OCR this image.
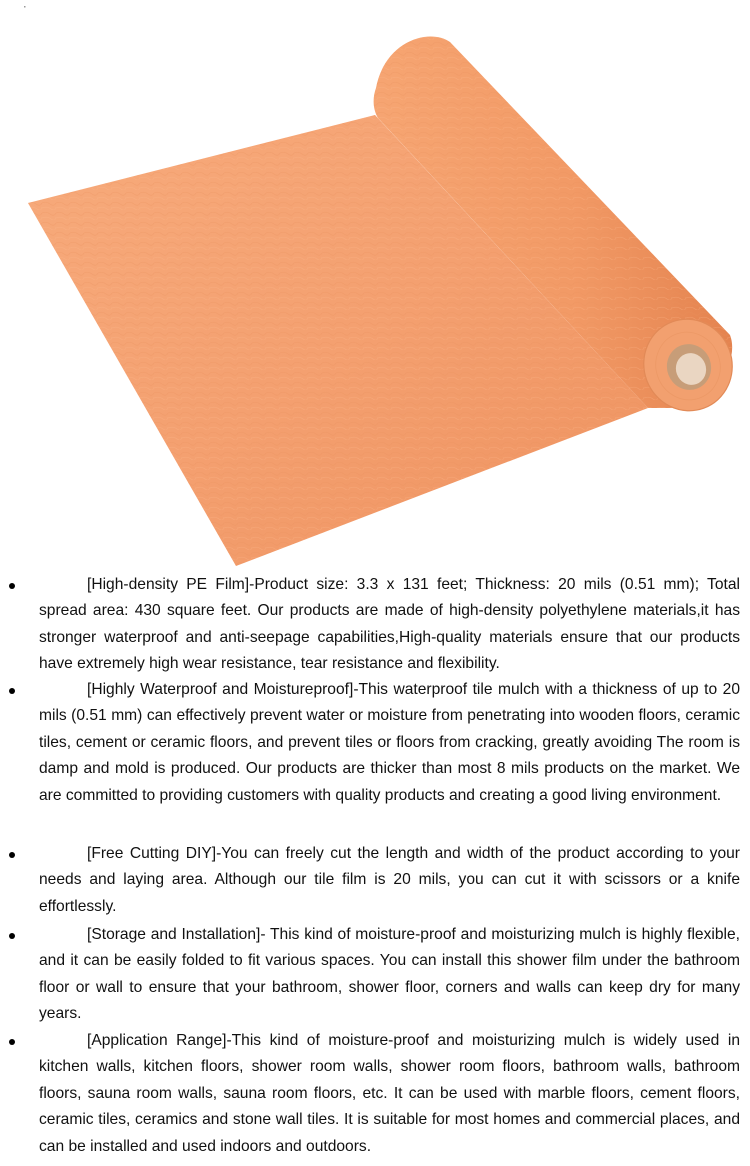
[High-density PE Film]-Product size: 3.3 x 131 feet; Thickness: 20 mils (0.51 mm); Total spread area: 430 square feet. Our products are made of high-density polyethylene materials,it has stronger waterproof and anti-seepage capabilities,High-quality materials ensure that our products have extremely high wear resistance, tear resistance and flexibility.
[Highly Waterproof and Moistureproof]-This waterproof tile mulch with a thickness of up to 20 mils (0.51 mm) can effectively prevent water or moisture from penetrating into wooden floors, ceramic tiles, cement or ceramic floors, and prevent tiles or floors from cracking, greatly avoiding The room is damp and mold is produced. Our products are thicker than most 8 mils products on the market. We are committed to providing customers with quality products and creating a good living environment.
[Free Cutting DIY]-You can freely cut the length and width of the product according to your needs and laying area. Although our tile film is 20 mils, you can cut it with scissors or a knife effortlessly.
[Storage and Installation]- This kind of moisture-proof and moisturizing mulch is highly flexible, and it can be easily folded to fit various spaces. You can install this shower film under the bathroom floor or wall to ensure that your bathroom, shower floor, corners and walls can keep dry for many years.
[Application Range]-This kind of moisture-proof and moisturizing mulch is widely used in kitchen walls, kitchen floors, shower room walls, shower room floors, bathroom walls, bathroom floors, sauna room walls, sauna room floors, etc. It can be used with marble floors, cement floors, ceramic tiles, ceramics and stone wall tiles. It is suitable for most homes and commercial places, and can be installed and used indoors and outdoors.
